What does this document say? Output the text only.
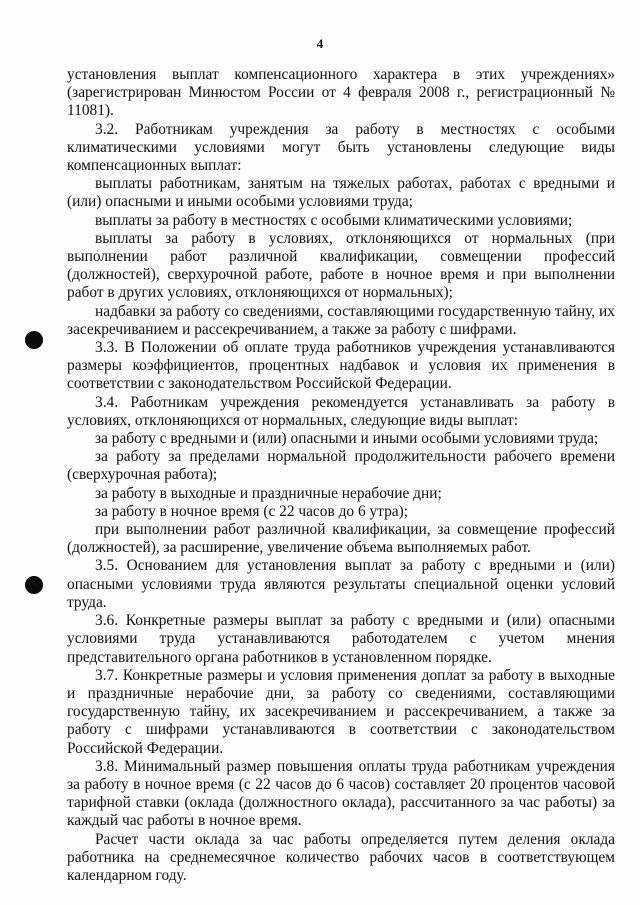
4

установления выплат компенсационного характера в этих учреждениях» (зарегистрирован Минюстом России от 4 февраля 2008 г., регистрационный № 11081).

3.2. Работникам учреждения за работу в местностях с особыми климатическими условиями могут быть установлены следующие виды компенсационных выплат:

выплаты работникам, занятым на тяжелых работах, работах с вредными и (или) опасными и иными особыми условиями труда;

выплаты за работу в местностях с особыми климатическими условиями;

выплаты за работу в условиях, отклоняющихся от нормальных (при выполнении работ различной квалификации, совмещении профессий (должностей), сверхурочной работе, работе в ночное время и при выполнении работ в других условиях, отклоняющихся от нормальных);

надбавки за работу со сведениями, составляющими государственную тайну, их засекречиванием и рассекречиванием, а также за работу с шифрами.

3.3. В Положении об оплате труда работников учреждения устанавливаются размеры коэффициентов, процентных надбавок и условия их применения в соответствии с законодательством Российской Федерации.

3.4. Работникам учреждения рекомендуется устанавливать за работу в условиях, отклоняющихся от нормальных, следующие виды выплат:

за работу с вредными и (или) опасными и иными особыми условиями труда;

за работу за пределами нормальной продолжительности рабочего времени (сверхурочная работа);

за работу в выходные и праздничные нерабочие дни;

за работу в ночное время (с 22 часов до 6 утра);

при выполнении работ различной квалификации, за совмещение профессий (должностей), за расширение, увеличение объема выполняемых работ.

3.5. Основанием для установления выплат за работу с вредными и (или) опасными условиями труда являются результаты специальной оценки условий труда.

3.6. Конкретные размеры выплат за работу с вредными и (или) опасными условиями труда устанавливаются работодателем с учетом мнения представительного органа работников в установленном порядке.

3.7. Конкретные размеры и условия применения доплат за работу в выходные и праздничные нерабочие дни, за работу со сведениями, составляющими государственную тайну, их засекречиванием и рассекречиванием, а также за работу с шифрами устанавливаются в соответствии с законодательством Российской Федерации.

3.8. Минимальный размер повышения оплаты труда работникам учреждения за работу в ночное время (с 22 часов до 6 часов) составляет 20 процентов часовой тарифной ставки (оклада (должностного оклада), рассчитанного за час работы) за каждый час работы в ночное время.

Расчет части оклада за час работы определяется путем деления оклада работника на среднемесячное количество рабочих часов в соответствующем календарном году.
